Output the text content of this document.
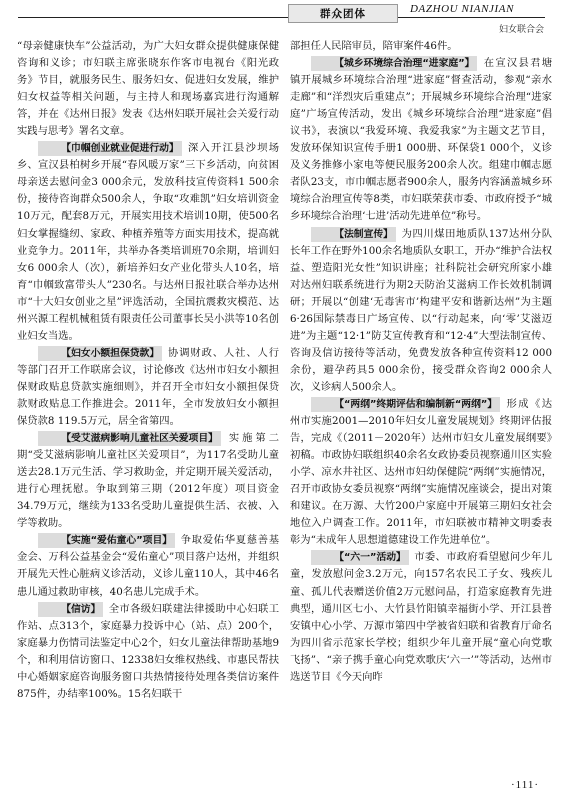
群众团体	DAZHOU NIANJIAN
妇女联合会

“母亲健康快车”公益活动，为广大妇女群众提供健康保健咨询和义诊；市妇联主席张晓东作客市电视台《阳光政务》节目，就服务民生、服务妇女、促进妇女发展，维护妇女权益等相关问题，与主持人和现场嘉宾进行沟通解答，并在《达州日报》发表《达州妇联开展社会关爱行动实践与思考》署名文章。

【巾帼创业就业促进行动】 深入开江县沙坝场乡、宣汉县柏树乡开展“春风暖万家”三下乡活动，向贫困母亲送去慰问金3 000余元，发放科技宣传资料1 500余份，接待咨询群众500余人，争取“攻难凯”妇女培训资金10万元，配套8万元，开展实用技术培训10期，使500名妇女掌握缝纫、家政、种植养殖等方面实用技术，提高就业竞争力。2011年，共举办各类培训班70余期，培训妇女6 000余人（次），新培养妇女产业化带头人10名，培育“巾帼致富带头人”230名。与达州日报社联合举办达州市“十大妇女创业之星”评选活动，全国抗震救灾模范、达州兴源工程机械租赁有限责任公司董事长吴小洪等10名创业妇女当选。

【妇女小额担保贷款】 协调财政、人社、人行等部门召开工作联席会议，讨论修改《达州市妇女小额担保财政贴息贷款实施细则》，并召开全市妇女小额担保贷款财政贴息工作推进会。2011年，全市发放妇女小额担保贷款8 119.5万元，居全省第四。

【受艾滋病影响儿童社区关爱项目】 实施第二期“受艾滋病影响儿童社区关爱项目”，为117名受助儿童送去28.1万元生活、学习救助金，并定期开展关爱活动，进行心理抚慰。争取到第三期（2012年度）项目资金34.79万元，继续为133名受助儿童提供生活、衣被、入学等救助。

【实施“爱佑童心”项目】 争取爱佑华夏慈善基金会、万科公益基金会“爱佑童心”项目落户达州，并组织开展先天性心脏病义诊活动，义诊儿童110人，其中46名患儿通过救助审核，40名患儿完成手术。

【信访】 全市各级妇联建法律援助中心妇联工作站、点313个，家庭暴力投诉中心（站、点）200个，家庭暴力伤情司法鉴定中心2个，妇女儿童法律帮助基地9个，和利用信访窗口、12338妇女维权热线、市惠民帮扶中心婚姻家庭咨询服务窗口共热情接待处理各类信访案件875件，办结率100%。15名妇联干

部担任人民陪审员，陪审案件46件。

【城乡环境综合治理“进家庭”】 在宣汉县君塘镇开展城乡环境综合治理“进家庭”督查活动，参观“亲水走廊”和“洋烈灾后重建点”；开展城乡环境综合治理“进家庭”广场宣传活动，发出《城乡环境综合治理“进家庭”倡议书》，表演以“我爱环境、我爱我家”为主题文艺节目，发放环保知识宣传手册1 000册、环保袋1 000个，义诊及义务推修小家电等便民服务200余人次。组建巾帼志愿者队23支，市巾帼志愿者900余人，服务内容涵盖城乡环境综合治理宣传等8类，市妇联荣获市委、市政府授予“城乡环境综合治理‘七进’活动先进单位”称号。

【法制宣传】 为四川煤田地质队137达州分队长年工作在野外100余名地质队女职工，开办“维护合法权益、塑造阳光女性”知识讲座；社科院社会研究所家小雄对达州妇联系统进行为期2天防治艾滋病工作长效机制调研；开展以“创建‘无毒害市’构建平安和谐新达州”为主题6·26国际禁毒日广场宣传、以“行动起来，向‘零’艾滋迈进”为主题“12·1”防艾宣传教育和“12·4”大型法制宣传、咨询及信访接待等活动，免费发放各种宣传资料12 000余份，避孕药具5 000余份，接受群众咨询2 000余人次，义诊病人500余人。

【“两纲”终期评估和编制新“两纲”】 形成《达州市实施2001—2010年妇女儿童发展规划》终期评估报告，完成《（2011－2020年）达州市妇女儿童发展纲要》初稿。市政协妇联组织40余名女政协委员视察通川区实验小学、凉水井社区、达州市妇幼保健院“两纲”实施情况，召开市政协女委员视察“两纲”实施情况座谈会，提出对策和建议。在万源、大竹200户家庭中开展第三期妇女社会地位入户调查工作。2011年，市妇联被市精神文明委表彰为“未成年人思想道德建设工作先进单位”。

【“六一”活动】 市委、市政府看望慰问少年儿童，发放慰问金3.2万元，向157名农民工子女、残疾儿童、孤儿代表赠送价值2万元慰问品，打造家庭教育先进典型，通川区七小、大竹县竹阳镇幸福街小学、开江县普安镇中心小学、万源市第四中学被省妇联和省教育厅命名为四川省示范家长学校；组织少年儿童开展“童心向党歌飞扬”、“亲子携手童心向党欢歌庆‘六一’”等活动，达州市选送节目《今天向昨

·111·
